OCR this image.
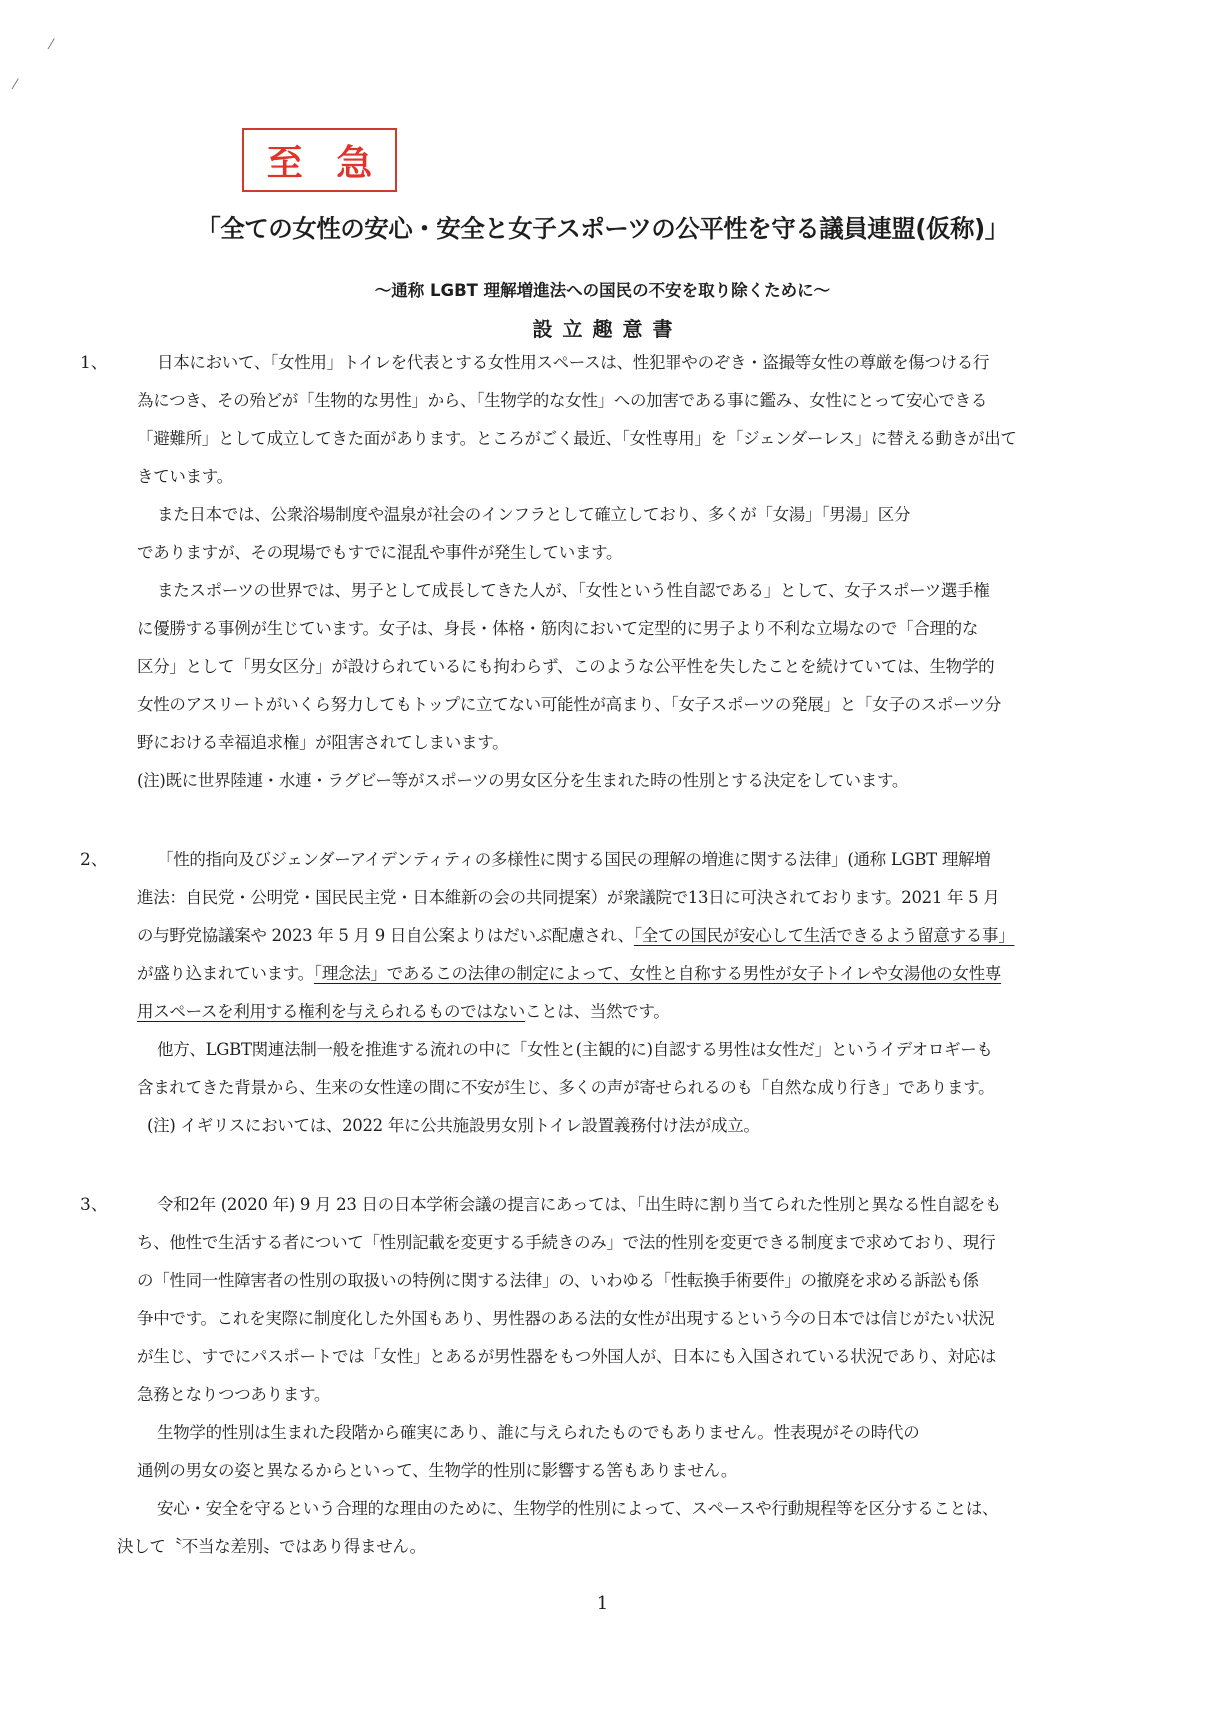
⁄
⁄
至 急
「全ての女性の安心・安全と女子スポーツの公平性を守る議員連盟(仮称)」
～通称 LGBT 理解増進法への国民の不安を取り除くために～
設立趣意書
1、	日本において、「女性用」トイレを代表とする女性用スペースは、性犯罪やのぞき・盗撮等女性の尊厳を傷つける行
為につき、その殆どが「生物的な男性」から、「生物学的な女性」への加害である事に鑑み、女性にとって安心できる
「避難所」として成立してきた面があります。ところがごく最近、「女性専用」を「ジェンダーレス」に替える動きが出て
きています。
また日本では、公衆浴場制度や温泉が社会のインフラとして確立しており、多くが「女湯」「男湯」区分
でありますが、その現場でもすでに混乱や事件が発生しています。
またスポーツの世界では、男子として成長してきた人が、「女性という性自認である」として、女子スポーツ選手権
に優勝する事例が生じています。女子は、身長・体格・筋肉において定型的に男子より不利な立場なので「合理的な
区分」として「男女区分」が設けられているにも拘わらず、このような公平性を失したことを続けていては、生物学的
女性のアスリートがいくら努力してもトップに立てない可能性が高まり、「女子スポーツの発展」と「女子のスポーツ分
野における幸福追求権」が阻害されてしまいます。
(注)既に世界陸連・水連・ラグビー等がスポーツの男女区分を生まれた時の性別とする決定をしています。
2、	「性的指向及びジェンダーアイデンティティの多様性に関する国民の理解の増進に関する法律」(通称 LGBT 理解増
進法：自民党・公明党・国民民主党・日本維新の会の共同提案）が衆議院で13日に可決されております。2021 年 5 月
の与野党協議案や 2023 年 5 月 9 日自公案よりはだいぶ配慮され、「全ての国民が安心して生活できるよう留意する事」
が盛り込まれています。「理念法」であるこの法律の制定によって、女性と自称する男性が女子トイレや女湯他の女性専
用スペースを利用する権利を与えられるものではないことは、当然です。
他方、LGBT関連法制一般を推進する流れの中に「女性と(主観的に)自認する男性は女性だ」というイデオロギーも
含まれてきた背景から、生来の女性達の間に不安が生じ、多くの声が寄せられるのも「自然な成り行き」であります。
(注) イギリスにおいては、2022 年に公共施設男女別トイレ設置義務付け法が成立。
3、	令和2年 (2020 年) 9 月 23 日の日本学術会議の提言にあっては、「出生時に割り当てられた性別と異なる性自認をも
ち、他性で生活する者について「性別記載を変更する手続きのみ」で法的性別を変更できる制度まで求めており、現行
の「性同一性障害者の性別の取扱いの特例に関する法律」の、いわゆる「性転換手術要件」の撤廃を求める訴訟も係
争中です。これを実際に制度化した外国もあり、男性器のある法的女性が出現するという今の日本では信じがたい状況
が生じ、すでにパスポートでは「女性」とあるが男性器をもつ外国人が、日本にも入国されている状況であり、対応は
急務となりつつあります。
生物学的性別は生まれた段階から確実にあり、誰に与えられたものでもありません。性表現がその時代の
通例の男女の姿と異なるからといって、生物学的性別に影響する筈もありません。
安心・安全を守るという合理的な理由のために、生物学的性別によって、スペースや行動規程等を区分することは、
決して〝不当な差別〟ではあり得ません。
1
